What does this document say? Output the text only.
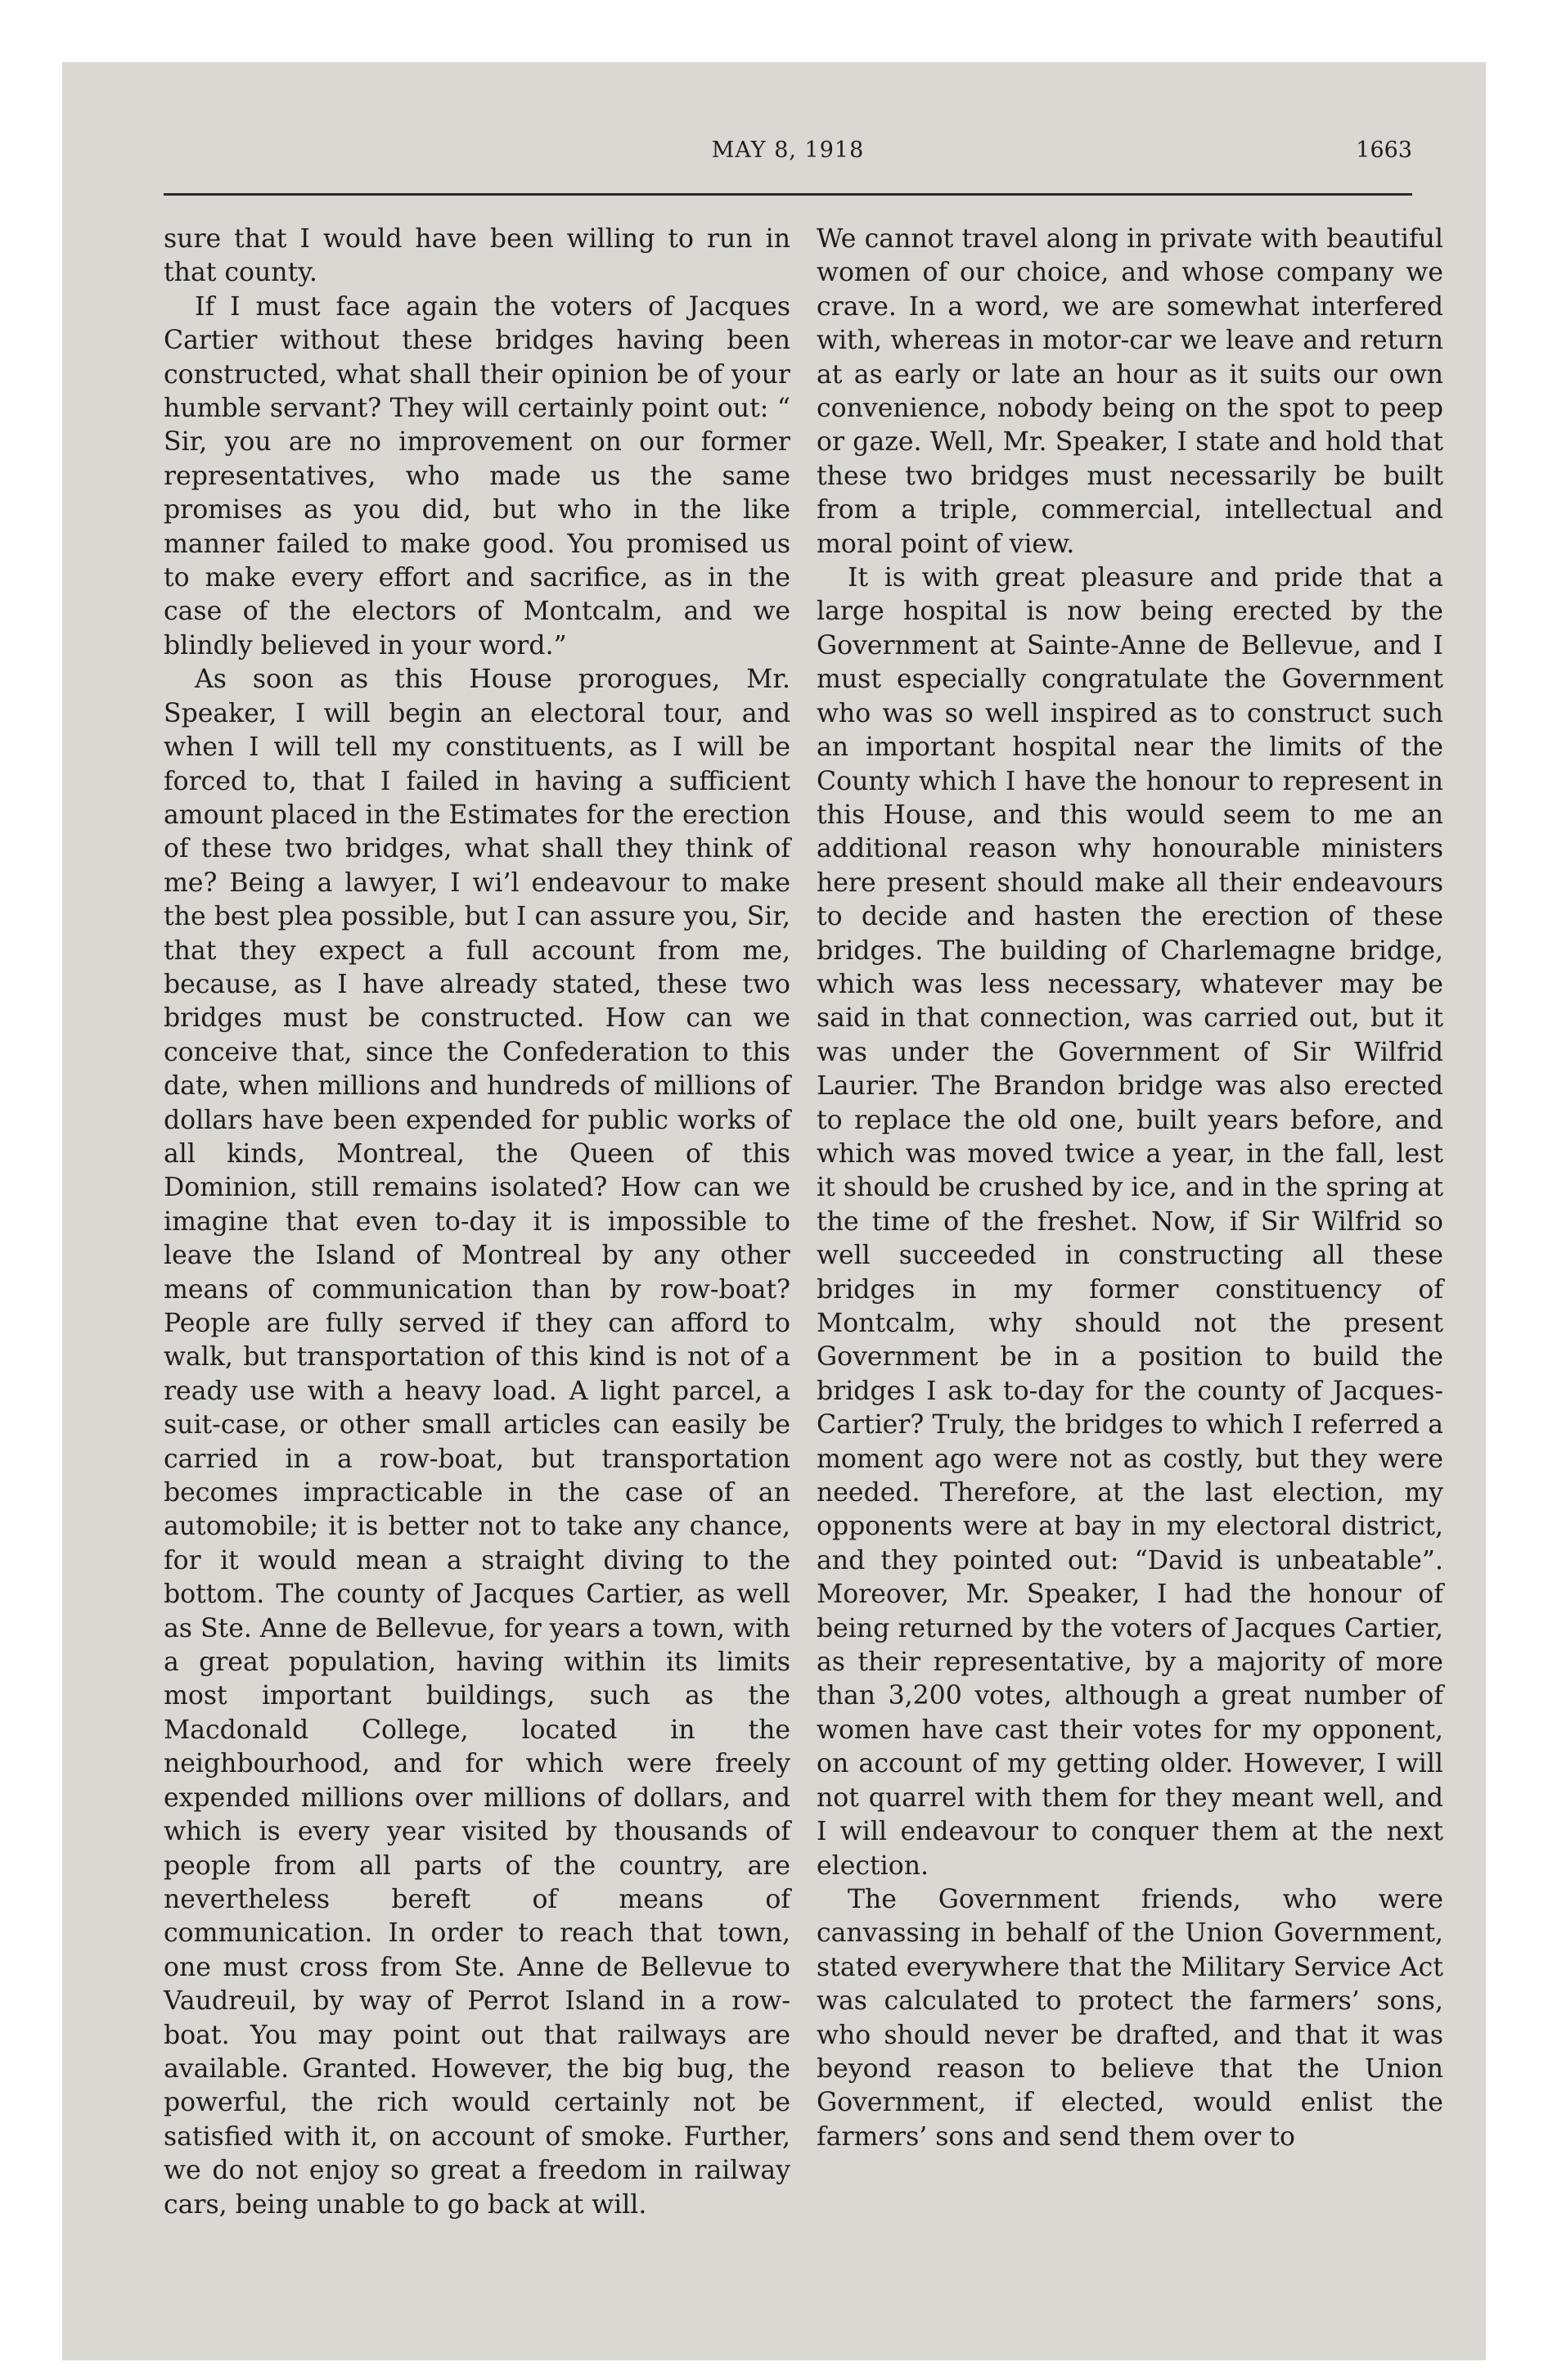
MAY 8, 1918	1663

sure that I would have been willing to run in that county.

If I must face again the voters of Jacques Cartier without these bridges having been constructed, what shall their opinion be of your humble servant? They will certainly point out: “ Sir, you are no improvement on our former representatives, who made us the same promises as you did, but who in the like manner failed to make good. You promised us to make every effort and sacrifice, as in the case of the electors of Montcalm, and we blindly believed in your word.”

As soon as this House prorogues, Mr. Speaker, I will begin an electoral tour, and when I will tell my constituents, as I will be forced to, that I failed in having a sufficient amount placed in the Estimates for the erection of these two bridges, what shall they think of me? Being a lawyer, I wi’l endeavour to make the best plea possible, but I can assure you, Sir, that they expect a full account from me, because, as I have already stated, these two bridges must be constructed. How can we conceive that, since the Confederation to this date, when millions and hundreds of millions of dollars have been expended for public works of all kinds, Montreal, the Queen of this Dominion, still remains isolated? How can we imagine that even to-day it is impossible to leave the Island of Montreal by any other means of communication than by row-boat? People are fully served if they can afford to walk, but transportation of this kind is not of a ready use with a heavy load. A light parcel, a suit-case, or other small articles can easily be carried in a row-boat, but transportation becomes impracticable in the case of an automobile; it is better not to take any chance, for it would mean a straight diving to the bottom. The county of Jacques Cartier, as well as Ste. Anne de Bellevue, for years a town, with a great population, having within its limits most important buildings, such as the Macdonald College, located in the neighbourhood, and for which were freely expended millions over millions of dollars, and which is every year visited by thousands of people from all parts of the country, are nevertheless bereft of means of communication. In order to reach that town, one must cross from Ste. Anne de Bellevue to Vaudreuil, by way of Perrot Island in a row-boat. You may point out that railways are available. Granted. However, the big bug, the powerful, the rich would certainly not be satisfied with it, on account of smoke. Further, we do not enjoy so great a freedom in railway cars, being unable to go back at will.

We cannot travel along in private with beautiful women of our choice, and whose company we crave. In a word, we are somewhat interfered with, whereas in motor-car we leave and return at as early or late an hour as it suits our own convenience, nobody being on the spot to peep or gaze. Well, Mr. Speaker, I state and hold that these two bridges must necessarily be built from a triple, commercial, intellectual and moral point of view.

It is with great pleasure and pride that a large hospital is now being erected by the Government at Sainte-Anne de Bellevue, and I must especially congratulate the Government who was so well inspired as to construct such an important hospital near the limits of the County which I have the honour to represent in this House, and this would seem to me an additional reason why honourable ministers here present should make all their endeavours to decide and hasten the erection of these bridges. The building of Charlemagne bridge, which was less necessary, whatever may be said in that connection, was carried out, but it was under the Government of Sir Wilfrid Laurier. The Brandon bridge was also erected to replace the old one, built years before, and which was moved twice a year, in the fall, lest it should be crushed by ice, and in the spring at the time of the freshet. Now, if Sir Wilfrid so well succeeded in constructing all these bridges in my former constituency of Montcalm, why should not the present Government be in a position to build the bridges I ask to-day for the county of Jacques-Cartier? Truly, the bridges to which I referred a moment ago were not as costly, but they were needed. Therefore, at the last election, my opponents were at bay in my electoral district, and they pointed out: “David is unbeatable”. Moreover, Mr. Speaker, I had the honour of being returned by the voters of Jacques Cartier, as their representative, by a majority of more than 3,200 votes, although a great number of women have cast their votes for my opponent, on account of my getting older. However, I will not quarrel with them for they meant well, and I will endeavour to conquer them at the next election.

The Government friends, who were canvassing in behalf of the Union Government, stated everywhere that the Military Service Act was calculated to protect the farmers’ sons, who should never be drafted, and that it was beyond reason to believe that the Union Government, if elected, would enlist the farmers’ sons and send them over to
